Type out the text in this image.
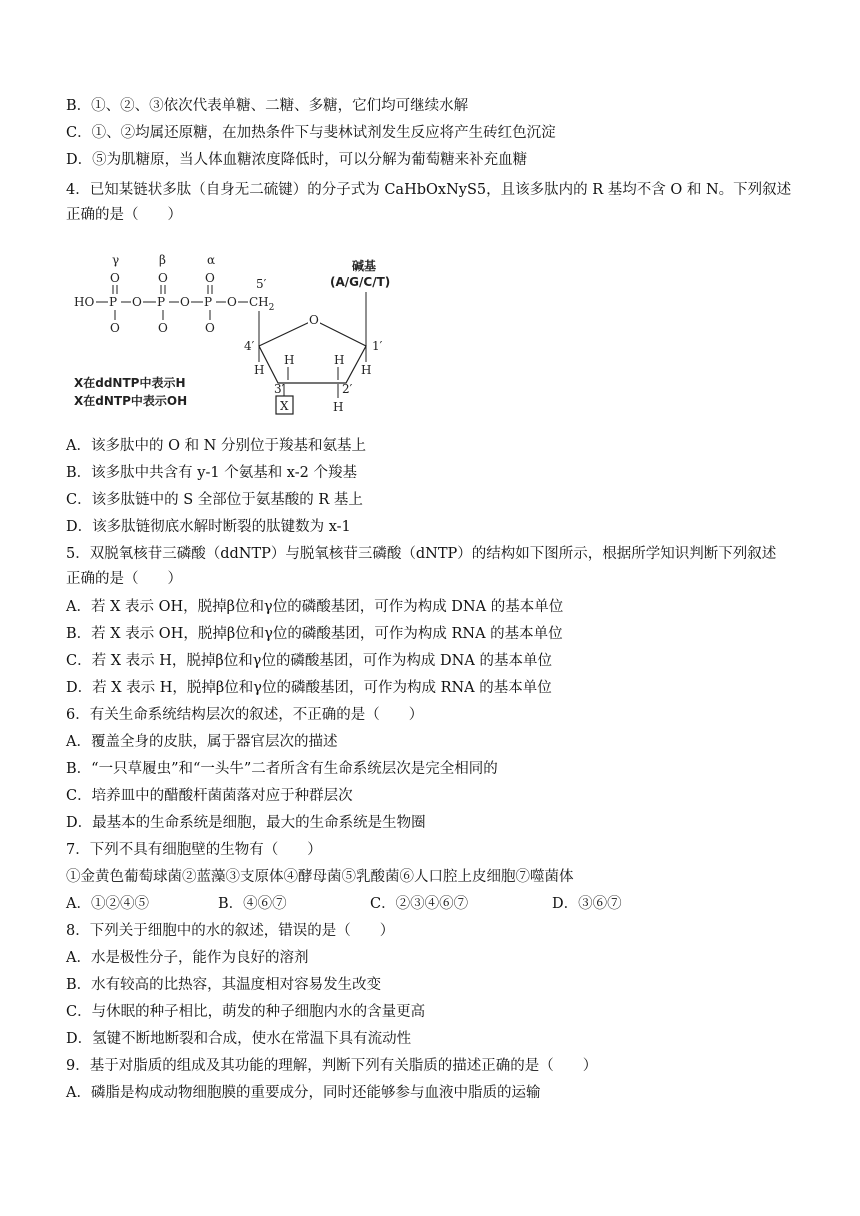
B．①、②、③依次代表单糖、二糖、多糖，它们均可继续水解
C．①、②均属还原糖，在加热条件下与斐林试剂发生反应将产生砖红色沉淀
D．⑤为肌糖原，当人体血糖浓度降低时，可以分解为葡萄糖来补充血糖
4．已知某链状多肽（自身无二硫键）的分子式为 CaHbOxNyS5，且该多肽内的 R 基均不含 O 和 N。下列叙述
正确的是（　　）
γ	β	α
O	O	O
HO P O P O P O $CH_2$
5′
O	O	O
O
碱基
(A/G/C/T)
4′	1′
3′	2′
H	H
H	H
H
X
X在ddNTP中表示H
X在dNTP中表示OH
A．该多肽中的 O 和 N 分别位于羧基和氨基上
B．该多肽中共含有 y-1 个氨基和 x-2 个羧基
C．该多肽链中的 S 全部位于氨基酸的 R 基上
D．该多肽链彻底水解时断裂的肽键数为 x-1
5．双脱氧核苷三磷酸（ddNTP）与脱氧核苷三磷酸（dNTP）的结构如下图所示，根据所学知识判断下列叙述
正确的是（　　）
A．若 X 表示 OH，脱掉β位和γ位的磷酸基团，可作为构成 DNA 的基本单位
B．若 X 表示 OH，脱掉β位和γ位的磷酸基团，可作为构成 RNA 的基本单位
C．若 X 表示 H，脱掉β位和γ位的磷酸基团，可作为构成 DNA 的基本单位
D．若 X 表示 H，脱掉β位和γ位的磷酸基团，可作为构成 RNA 的基本单位
6．有关生命系统结构层次的叙述，不正确的是（　　）
A．覆盖全身的皮肤，属于器官层次的描述
B．“一只草履虫”和“一头牛”二者所含有生命系统层次是完全相同的
C．培养皿中的醋酸杆菌菌落对应于种群层次
D．最基本的生命系统是细胞，最大的生命系统是生物圈
7．下列不具有细胞壁的生物有（　　）
①金黄色葡萄球菌②蓝藻③支原体④酵母菌⑤乳酸菌⑥人口腔上皮细胞⑦噬菌体
A．①②④⑤	B．④⑥⑦	C．②③④⑥⑦	D．③⑥⑦
8．下列关于细胞中的水的叙述，错误的是（　　）
A．水是极性分子，能作为良好的溶剂
B．水有较高的比热容，其温度相对容易发生改变
C．与休眠的种子相比，萌发的种子细胞内水的含量更高
D．氢键不断地断裂和合成，使水在常温下具有流动性
9．基于对脂质的组成及其功能的理解，判断下列有关脂质的描述正确的是（　　）
A．磷脂是构成动物细胞膜的重要成分，同时还能够参与血液中脂质的运输
